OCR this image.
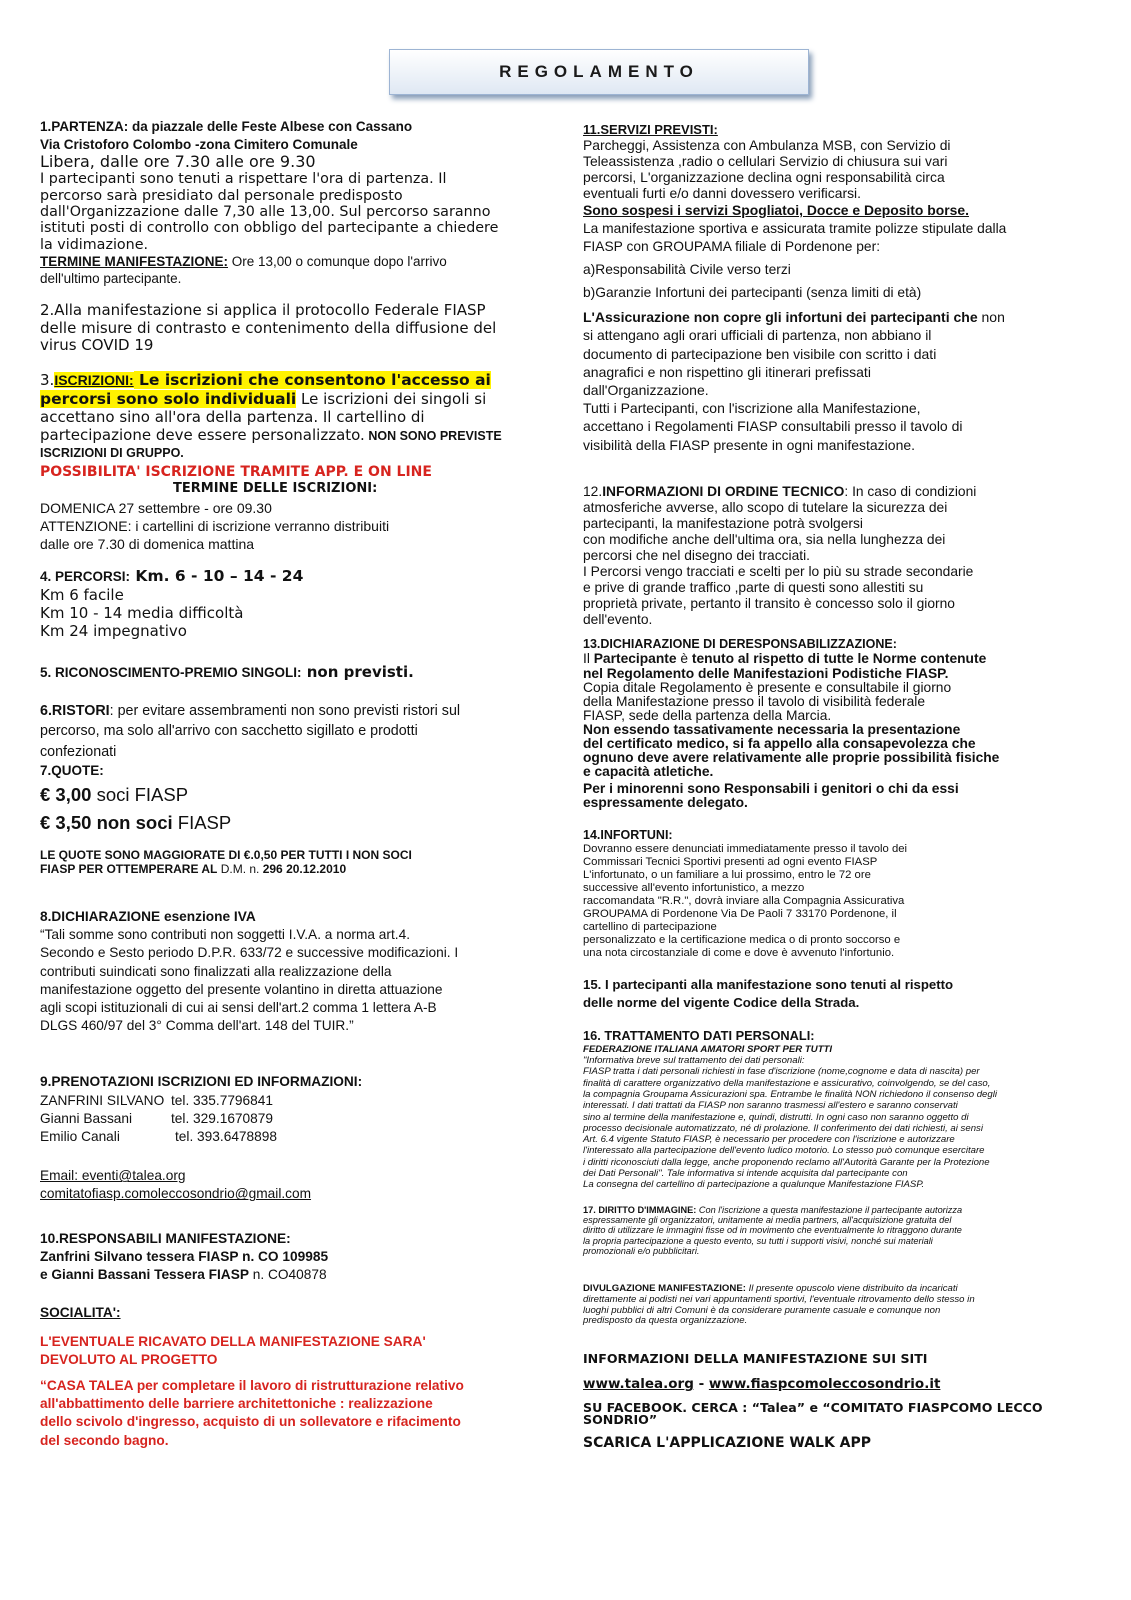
REGOLAMENTO

1.PARTENZA: da piazzale delle Feste Albese con Cassano

Via Cristoforo Colombo -zona Cimitero Comunale

Libera, dalle ore 7.30 alle ore 9.30

I partecipanti sono tenuti a rispettare l'ora di partenza. Il

percorso sarà presidiato dal personale predisposto

dall'Organizzazione dalle 7,30 alle 13,00. Sul percorso saranno

istituti posti di controllo con obbligo del partecipante a chiedere

la vidimazione.

TERMINE MANIFESTAZIONE: Ore 13,00 o comunque dopo l'arrivo

dell'ultimo partecipante.

2.Alla manifestazione si applica il protocollo Federale FIASP

delle misure di contrasto e contenimento della diffusione del

virus COVID 19

3.ISCRIZIONI: Le iscrizioni che consentono l'accesso ai

percorsi sono solo individuali Le iscrizioni dei singoli si

accettano sino all'ora della partenza. Il cartellino di

partecipazione deve essere personalizzato. NON SONO PREVISTE

ISCRIZIONI DI GRUPPO.

POSSIBILITA' ISCRIZIONE TRAMITE APP. E ON LINE

TERMINE DELLE ISCRIZIONI:

DOMENICA 27 settembre - ore 09.30

ATTENZIONE: i cartellini di iscrizione verranno distribuiti

dalle ore 7.30 di domenica mattina

4. PERCORSI: Km. 6 - 10 – 14 - 24

Km 6 facile

Km 10 - 14 media difficoltà

Km 24 impegnativo

5. RICONOSCIMENTO-PREMIO SINGOLI: non previsti.

6.RISTORI: per evitare assembramenti non sono previsti ristori sul

percorso, ma solo all'arrivo con sacchetto sigillato e prodotti

confezionati

7.QUOTE:

€ 3,00 soci FIASP

€ 3,50 non soci FIASP

LE QUOTE SONO MAGGIORATE DI €.0,50 PER TUTTI I NON SOCI

FIASP PER OTTEMPERARE AL D.M. n. 296 20.12.2010

8.DICHIARAZIONE esenzione IVA

“Tali somme sono contributi non soggetti I.V.A. a norma art.4.

Secondo e Sesto periodo D.P.R. 633/72 e successive modificazioni. I

contributi suindicati sono finalizzati alla realizzazione della

manifestazione oggetto del presente volantino in diretta attuazione

agli scopi istituzionali di cui ai sensi dell'art.2 comma 1 lettera A-B

DLGS 460/97 del 3° Comma dell'art. 148 del TUIR.”

9.PRENOTAZIONI ISCRIZIONI ED INFORMAZIONI:

ZANFRINI SILVANO tel. 335.7796841

Gianni Bassani	tel. 329.1670879

Emilio Canali	tel. 393.6478898

Email: eventi@talea.org

comitatofiasp.comoleccosondrio@gmail.com

10.RESPONSABILI MANIFESTAZIONE:

Zanfrini Silvano tessera FIASP n. CO 109985

e Gianni Bassani Tessera FIASP n. CO40878

SOCIALITA':

L'EVENTUALE RICAVATO DELLA MANIFESTAZIONE SARA'

DEVOLUTO AL PROGETTO

“CASA TALEA per completare il lavoro di ristrutturazione relativo

all'abbattimento delle barriere architettoniche : realizzazione

dello scivolo d'ingresso, acquisto di un sollevatore e rifacimento

del secondo bagno.

11.SERVIZI PREVISTI:

Parcheggi, Assistenza con Ambulanza MSB, con Servizio di

Teleassistenza ,radio o cellulari Servizio di chiusura sui vari

percorsi, L'organizzazione declina ogni responsabilità circa

eventuali furti e/o danni dovessero verificarsi.

Sono sospesi i servizi Spogliatoi, Docce e Deposito borse.

La manifestazione sportiva e assicurata tramite polizze stipulate dalla

FIASP con GROUPAMA filiale di Pordenone per:

a)Responsabilità Civile verso terzi

b)Garanzie Infortuni dei partecipanti (senza limiti di età)

L'Assicurazione non copre gli infortuni dei partecipanti che non

si attengano agli orari ufficiali di partenza, non abbiano il

documento di partecipazione ben visibile con scritto i dati

anagrafici e non rispettino gli itinerari prefissati

dall'Organizzazione.

Tutti i Partecipanti, con l'iscrizione alla Manifestazione,

accettano i Regolamenti FIASP consultabili presso il tavolo di

visibilità della FIASP presente in ogni manifestazione.

12.INFORMAZIONI DI ORDINE TECNICO: In caso di condizioni

atmosferiche avverse, allo scopo di tutelare la sicurezza dei

partecipanti, la manifestazione potrà svolgersi

con modifiche anche dell'ultima ora, sia nella lunghezza dei

percorsi che nel disegno dei tracciati.

I Percorsi vengo tracciati e scelti per lo più su strade secondarie

e prive di grande traffico ,parte di questi sono allestiti su

proprietà private, pertanto il transito è concesso solo il giorno

dell'evento.

13.DICHIARAZIONE DI DERESPONSABILIZZAZIONE:

Il Partecipante è tenuto al rispetto di tutte le Norme contenute

nel Regolamento delle Manifestazioni Podistiche FIASP.

Copia ditale Regolamento è presente e consultabile il giorno

della Manifestazione presso il tavolo di visibilità federale

FIASP, sede della partenza della Marcia.

Non essendo tassativamente necessaria la presentazione

del certificato medico, si fa appello alla consapevolezza che

ognuno deve avere relativamente alle proprie possibilità fisiche

e capacità atletiche.

Per i minorenni sono Responsabili i genitori o chi da essi

espressamente delegato.

14.INFORTUNI:

Dovranno essere denunciati immediatamente presso il tavolo dei

Commissari Tecnici Sportivi presenti ad ogni evento FIASP

L'infortunato, o un familiare a lui prossimo, entro le 72 ore

successive all'evento infortunistico, a mezzo

raccomandata "R.R.", dovrà inviare alla Compagnia Assicurativa

GROUPAMA di Pordenone Via De Paoli 7 33170 Pordenone, il

cartellino di partecipazione

personalizzato e la certificazione medica o di pronto soccorso e

una nota circostanziale di come e dove è avvenuto l'infortunio.

15. I partecipanti alla manifestazione sono tenuti al rispetto

delle norme del vigente Codice della Strada.

16. TRATTAMENTO DATI PERSONALI:

FEDERAZIONE ITALIANA AMATORI SPORT PER TUTTI

"Informativa breve sul trattamento dei dati personali:

FIASP tratta i dati personali richiesti in fase d'iscrizione (nome,cognome e data di nascita) per

finalità di carattere organizzativo della manifestazione e assicurativo, coinvolgendo, se del caso,

la compagnia Groupama Assicurazioni spa. Entrambe le finalità NON richiedono il consenso degli

interessati. I dati trattati da FIASP non saranno trasmessi all'estero e saranno conservati

sino al termine della manifestazione e, quindi, distrutti. In ogni caso non saranno oggetto di

processo decisionale automatizzato, né di prolazione. Il conferimento dei dati richiesti, ai sensi

Art. 6.4 vigente Statuto FIASP, è necessario per procedere con l'iscrizione e autorizzare

l'interessato alla partecipazione dell'evento ludico motorio. Lo stesso può comunque esercitare

i diritti riconosciuti dalla legge, anche proponendo reclamo all'Autorità Garante per la Protezione

dei Dati Personali". Tale informativa si intende acquisita dal partecipante con

La consegna del cartellino di partecipazione a qualunque Manifestazione FIASP.

17. DIRITTO D'IMMAGINE: Con l'iscrizione a questa manifestazione il partecipante autorizza

espressamente gli organizzatori, unitamente ai media partners, all'acquisizione gratuita del

diritto di utilizzare le immagini fisse od in movimento che eventualmente lo ritraggono durante

la propria partecipazione a questo evento, su tutti i supporti visivi, nonché sui materiali

promozionali e/o pubblicitari.

DIVULGAZIONE MANIFESTAZIONE: Il presente opuscolo viene distribuito da incaricati

direttamente ai podisti nei vari appuntamenti sportivi, l'eventuale ritrovamento dello stesso in

luoghi pubblici di altri Comuni è da considerare puramente casuale e comunque non

predisposto da questa organizzazione.

INFORMAZIONI DELLA MANIFESTAZIONE SUI SITI

www.talea.org - www.fiaspcomoleccosondrio.it

SU FACEBOOK. CERCA : “Talea” e “COMITATO FIASPCOMO LECCO

SONDRIO”

SCARICA L'APPLICAZIONE WALK APP
